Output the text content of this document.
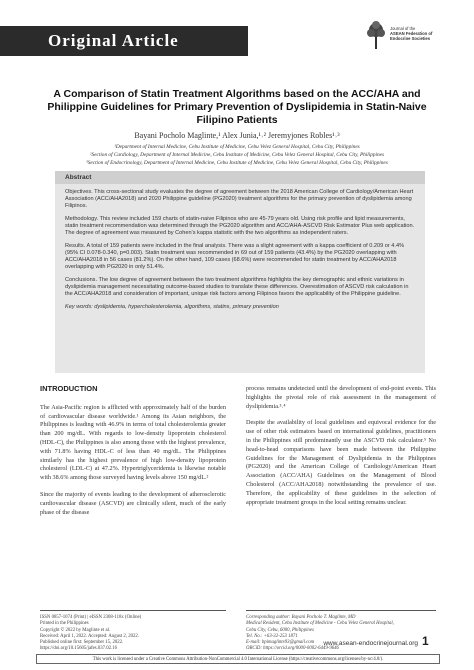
Original Article
Journal of the
ASEAN Federation of
Endocrine Societies
A Comparison of Statin Treatment Algorithms based on the ACC/AHA and Philippine Guidelines for Primary Prevention of Dyslipidemia in Statin-Naive Filipino Patients
Bayani Pocholo Maglinte,¹ Alex Junia,¹˒² Jeremyjones Robles¹˒³
¹Department of Internal Medicine, Cebu Institute of Medicine, Cebu Velez General Hospital, Cebu City, Philippines
²Section of Cardiology, Department of Internal Medicine, Cebu Institute of Medicine, Cebu Velez General Hospital, Cebu City, Philippines
³Section of Endocrinology, Department of Internal Medicine, Cebu Institute of Medicine, Cebu Velez General Hospital, Cebu City, Philippines
Abstract

Objectives. This cross-sectional study evaluates the degree of agreement between the 2018 American College of Cardiology/American Heart Association (ACC/AHA2018) and 2020 Philippine guideline (PG2020) treatment algorithms for the primary prevention of dyslipidemia among Filipinos.

Methodology. This review included 159 charts of statin-naive Filipinos who are 45-79 years old. Using risk profile and lipid measurements, statin treatment recommendation was determined through the PG2020 algorithm and ACC/AHA-ASCVD Risk Estimator Plus web application. The degree of agreement was measured by Cohen’s kappa statistic with the two algorithms as independent raters.

Results. A total of 159 patients were included in the final analysis. There was a slight agreement with a kappa coefficient of 0.209 or 4.4% (95% CI 0.078-0.340, p=0.003). Statin treatment was recommended in 69 out of 159 patients (43.4%) by the PG2020 overlapping with ACC/AHA2018 in 56 cases (81.2%). On the other hand, 109 cases (68.6%) were recommended for statin treatment by ACC/AHA2018 overlapping with PG2020 in only 51.4%.

Conclusions. The low degree of agreement between the two treatment algorithms highlights the key demographic and ethnic variations in dyslipidemia management necessitating outcome-based studies to translate these differences. Overestimation of ASCVD risk calculation in the ACC/AHA2018 and consideration of important, unique risk factors among Filipinos favors the applicability of the Philippine guideline.

Key words: dyslipidemia, hypercholesterolemia, algorithms, statins, primary prevention

INTRODUCTION

The Asia-Pacific region is afflicted with approximately half of the burden of cardiovascular disease worldwide.¹ Among its Asian neighbors, the Philippines is leading with 46.9% in terms of total cholesterolemia greater than 200 mg/dL. With regards to low-density lipoprotein cholesterol (HDL-C), the Philippines is also among those with the highest prevalence, with 71.8% having HDL-C of less than 40 mg/dL. The Philippines similarly has the highest prevalence of high low-density lipoprotein cholesterol (LDL-C) at 47.2%. Hypertriglyceridemia is likewise notable with 38.6% among those surveyed having levels above 150 mg/dL.²

Since the majority of events leading to the development of atherosclerotic cardiovascular disease (ASCVD) are clinically silent, much of the early phase of the disease

process remains undetected until the development of end-point events. This highlights the pivotal role of risk assessment in the management of dyslipidemia.³˒⁴

Despite the availability of local guidelines and equivocal evidence for the use of other risk estimators based on international guidelines, practitioners in the Philippines still predominantly use the ASCVD risk calculator.⁵ No head-to-head comparisons have been made between the Philippine Guidelines for the Management of Dyslipidemia in the Philippines (PG2020) and the American College of Cardiology/American Heart Association (ACC/AHA) Guidelines on the Management of Blood Cholesterol (ACC/AHA2018) notwithstanding the prevalence of use. Therefore, the applicability of these guidelines in the selection of appropriate treatment groups in the local setting remains unclear.

ISSN 0857-1074 (Print) | eISSN 2308-118x (Online)
Printed in the Philippines
Copyright © 2022 by Maglinte et al.
Received: April 1, 2022. Accepted: August 2, 2022.
Published online first: September 15, 2022.
https://doi.org/10.15605/jafes.037.02.16
Corresponding author: Bayani Pocholo T. Maglinte, MD
Medical Resident, Cebu Institute of Medicine - Cebu Velez General Hospital,
Cebu City, Cebu, 6000, Philippines
Tel. No.: +63-32-253 1871
E-mail: bpimaglinte93@gmail.com
ORCiD: https://orcid.org/0000-0002-6449-9646
www.asean-endocrinejournal.org 1
This work is licensed under a Creative Commons Attribution-NonCommercial 4.0 International License (https://creativecommons.org/licenses/by-nc/4.0/).
